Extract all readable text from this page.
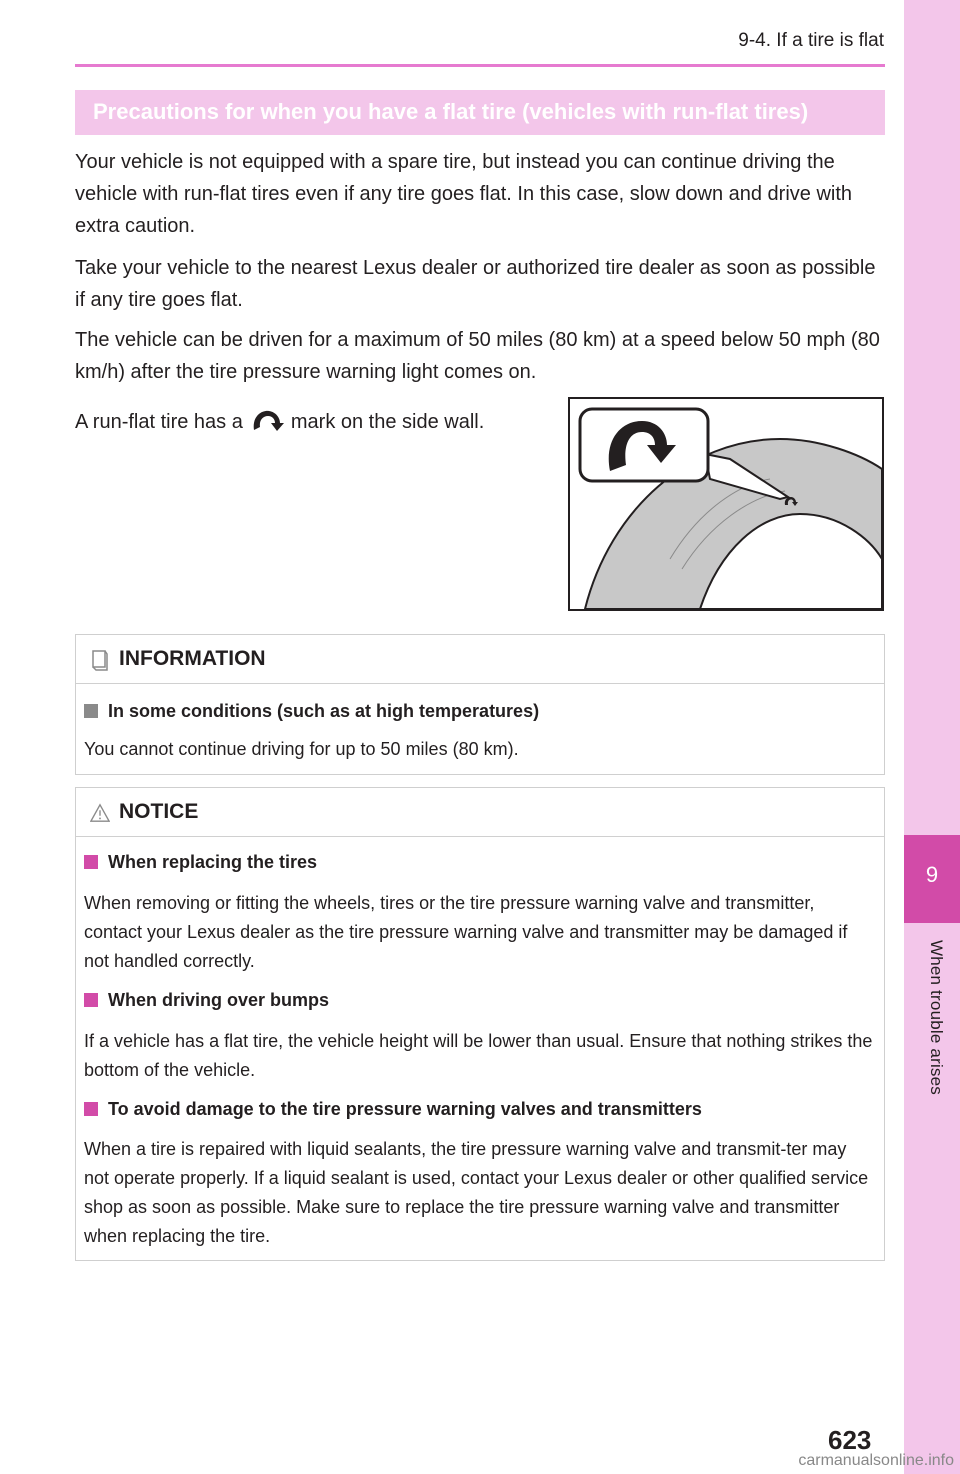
9
When trouble arises
9-4. If a tire is flat
Precautions for when you have a flat tire (vehicles with run-flat tires)
Your vehicle is not equipped with a spare tire, but instead you can continue driving the vehicle with run-flat tires even if any tire goes flat. In this case, slow down and drive with extra caution.
Take your vehicle to the nearest Lexus dealer or authorized tire dealer as soon as possible if any tire goes flat.
The vehicle can be driven for a maximum of 50 miles (80 km) at a speed below 50 mph (80 km/h) after the tire pressure warning light comes on.
A run-flat tire has a mark on the side wall.
INFORMATION
In some conditions (such as at high temperatures)
You cannot continue driving for up to 50 miles (80 km).
NOTICE
When replacing the tires
When removing or fitting the wheels, tires or the tire pressure warning valve and transmitter, contact your Lexus dealer as the tire pressure warning valve and transmitter may be damaged if not handled correctly.
When driving over bumps
If a vehicle has a flat tire, the vehicle height will be lower than usual. Ensure that nothing strikes the bottom of the vehicle.
To avoid damage to the tire pressure warning valves and transmitters
When a tire is repaired with liquid sealants, the tire pressure warning valve and transmit-ter may not operate properly. If a liquid sealant is used, contact your Lexus dealer or other qualified service shop as soon as possible. Make sure to replace the tire pressure warning valve and transmitter when replacing the tire.
623
carmanualsonline.info
